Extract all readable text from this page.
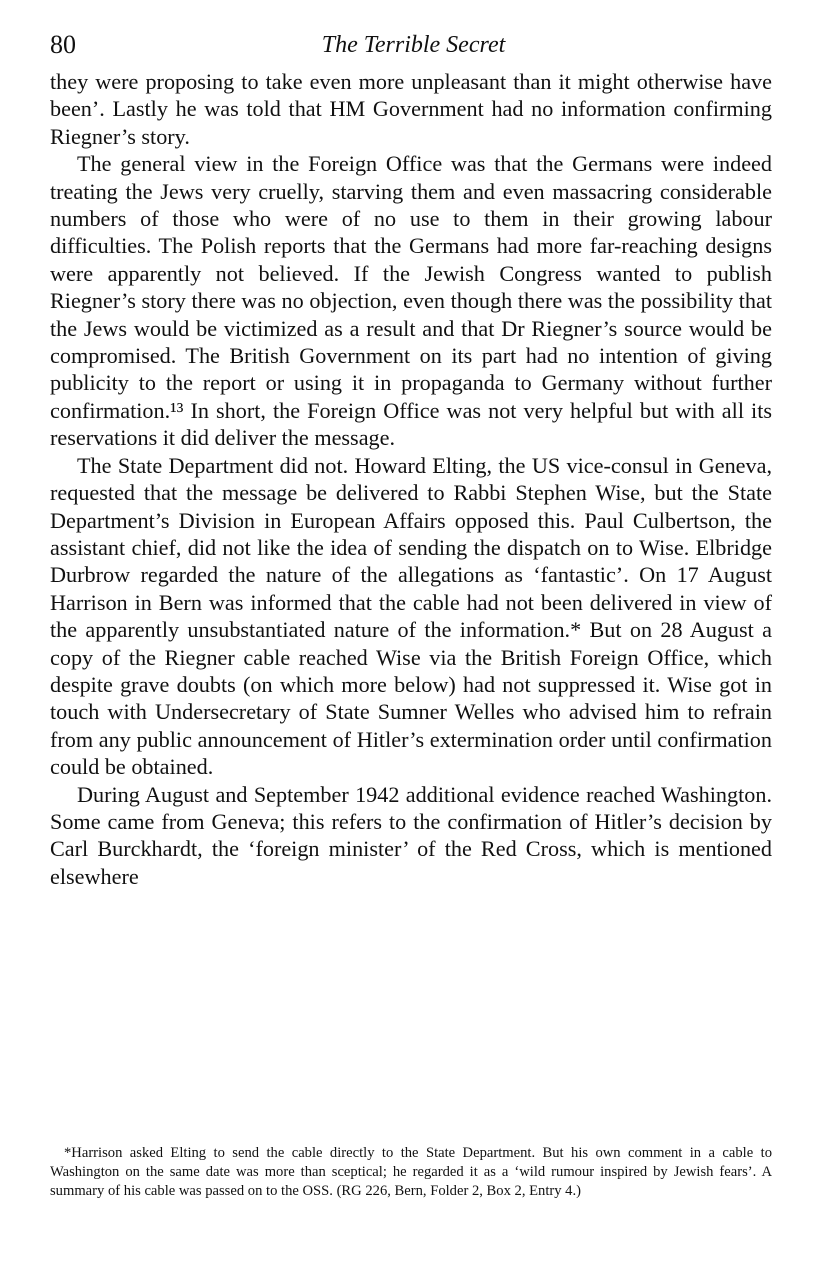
80	The Terrible Secret

they were proposing to take even more unpleasant than it might otherwise have been’. Lastly he was told that HM Government had no information confirming Riegner’s story.

The general view in the Foreign Office was that the Germans were indeed treating the Jews very cruelly, starving them and even massacring considerable numbers of those who were of no use to them in their growing labour difficulties. The Polish reports that the Germans had more far-reaching designs were apparently not believed. If the Jewish Congress wanted to publish Riegner’s story there was no objection, even though there was the possibility that the Jews would be victimized as a result and that Dr Riegner’s source would be compromised. The British Government on its part had no intention of giving publicity to the report or using it in propaganda to Germany without further confirmation.¹³ In short, the Foreign Office was not very helpful but with all its reservations it did deliver the message.

The State Department did not. Howard Elting, the US vice-consul in Geneva, requested that the message be delivered to Rabbi Stephen Wise, but the State Department’s Division in European Affairs opposed this. Paul Culbertson, the assistant chief, did not like the idea of sending the dispatch on to Wise. Elbridge Durbrow regarded the nature of the allegations as ‘fantastic’. On 17 August Harrison in Bern was informed that the cable had not been delivered in view of the apparently unsubstantiated nature of the information.* But on 28 August a copy of the Riegner cable reached Wise via the British Foreign Office, which despite grave doubts (on which more below) had not suppressed it. Wise got in touch with Undersecretary of State Sumner Welles who advised him to refrain from any public announcement of Hitler’s extermination order until confirmation could be obtained.

During August and September 1942 additional evidence reached Washington. Some came from Geneva; this refers to the confirmation of Hitler’s decision by Carl Burckhardt, the ‘foreign minister’ of the Red Cross, which is mentioned elsewhere

*Harrison asked Elting to send the cable directly to the State Department. But his own comment in a cable to Washington on the same date was more than sceptical; he regarded it as a ‘wild rumour inspired by Jewish fears’. A summary of his cable was passed on to the OSS. (RG 226, Bern, Folder 2, Box 2, Entry 4.)
